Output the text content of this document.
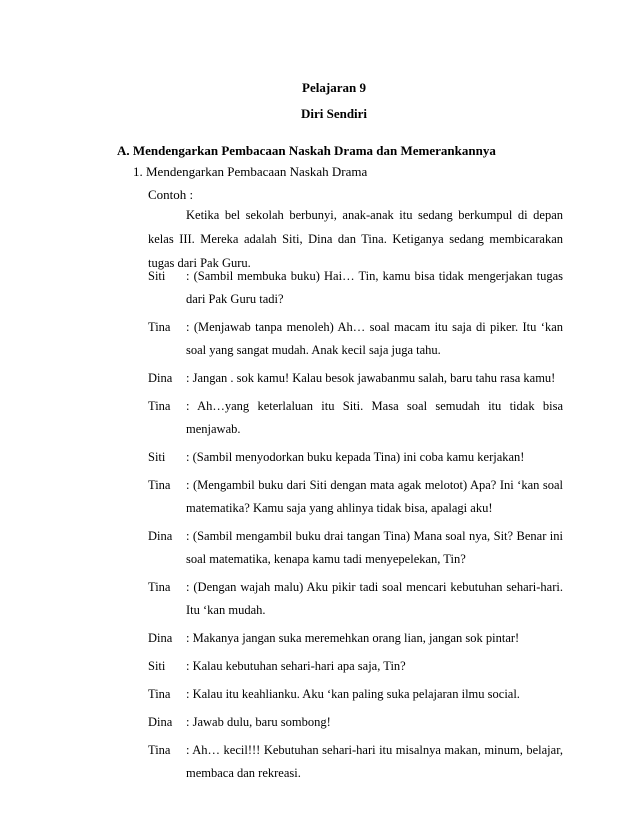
Pelajaran 9
Diri Sendiri
A. Mendengarkan Pembacaan Naskah Drama dan Memerankannya
1. Mendengarkan Pembacaan Naskah Drama
Contoh :

Ketika bel sekolah berbunyi, anak-anak itu sedang berkumpul di depan kelas III. Mereka adalah Siti, Dina dan Tina. Ketiganya sedang membicarakan tugas dari Pak Guru.

Siti	: (Sambil membuka buku) Hai… Tin, kamu bisa tidak mengerjakan tugas dari Pak Guru tadi?
Tina	: (Menjawab tanpa menoleh) Ah… soal macam itu saja di piker. Itu ‘kan soal yang sangat mudah. Anak kecil saja juga tahu.
Dina	: Jangan . sok kamu! Kalau besok jawabanmu salah, baru tahu rasa kamu!
Tina	: Ah…yang keterlaluan itu Siti. Masa soal semudah itu tidak bisa menjawab.
Siti	: (Sambil menyodorkan buku kepada Tina) ini coba kamu kerjakan!
Tina	: (Mengambil buku dari Siti dengan mata agak melotot) Apa? Ini ‘kan soal matematika? Kamu saja yang ahlinya tidak bisa, apalagi aku!
Dina	: (Sambil mengambil buku drai tangan Tina) Mana soal nya, Sit? Benar ini soal matematika, kenapa kamu tadi menyepelekan, Tin?
Tina	: (Dengan wajah malu) Aku pikir tadi soal mencari kebutuhan sehari-hari. Itu ‘kan mudah.
Dina	: Makanya jangan suka meremehkan orang lian, jangan sok pintar!
Siti	: Kalau kebutuhan sehari-hari apa saja, Tin?
Tina	: Kalau itu keahlianku. Aku ‘kan paling suka pelajaran ilmu social.
Dina	: Jawab dulu, baru sombong!
Tina	: Ah… kecil!!! Kebutuhan sehari-hari itu misalnya makan, minum, belajar, membaca dan rekreasi.
